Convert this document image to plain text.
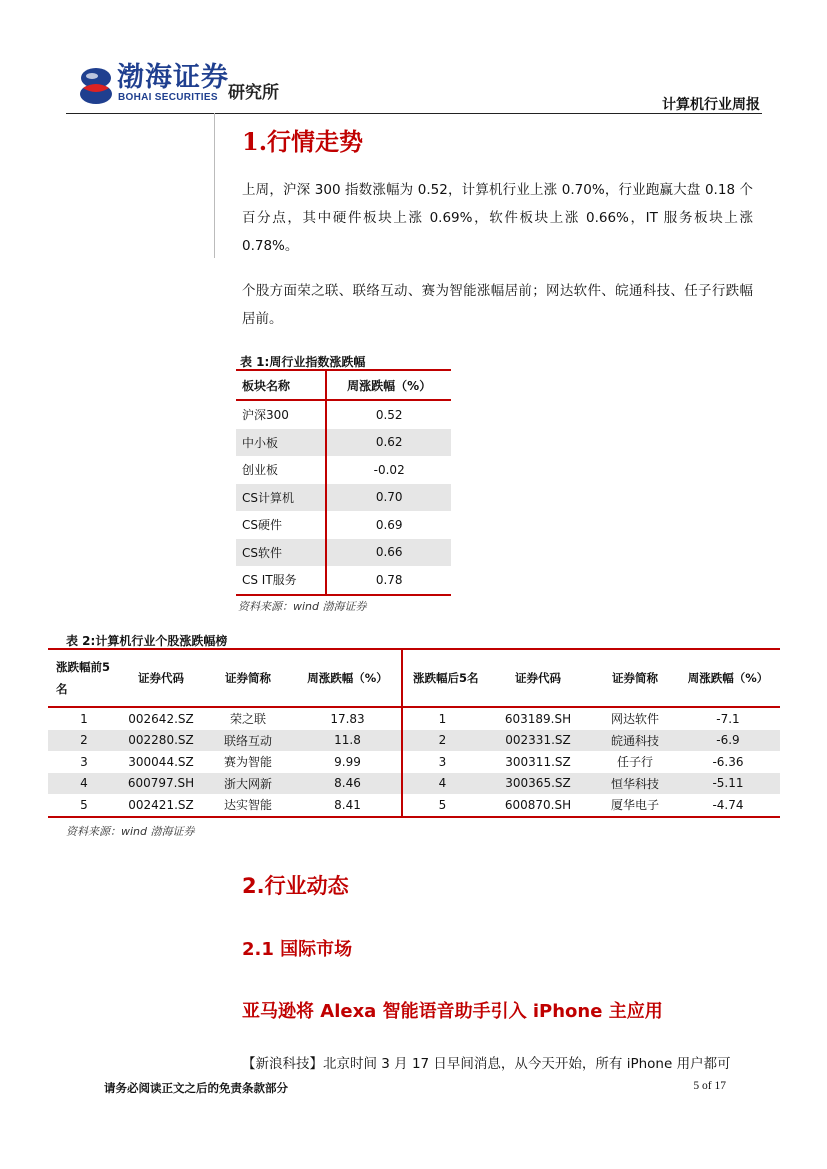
渤海证券
BOHAI SECURITIES 研究所
计算机行业周报
1.行情走势
上周，沪深 300 指数涨幅为 0.52，计算机行业上涨 0.70%，行业跑赢大盘 0.18 个百分点，其中硬件板块上涨 0.69%，软件板块上涨 0.66%，IT 服务板块上涨 0.78%。
个股方面荣之联、联络互动、赛为智能涨幅居前；网达软件、皖通科技、任子行跌幅居前。
表 1:周行业指数涨跌幅
板块名称	周涨跌幅（%）
沪深300	0.52
中小板	0.62
创业板	-0.02
CS计算机	0.70
CS硬件	0.69
CS软件	0.66
CS IT服务	0.78
资料来源：wind 渤海证券
表 2:计算机行业个股涨跌幅榜
涨跌幅前5名	证券代码	证券简称	周涨跌幅（%）	涨跌幅后5名	证券代码	证券简称	周涨跌幅（%）
1	002642.SZ	荣之联	17.83	1	603189.SH	网达软件	-7.1
2	002280.SZ	联络互动	11.8	2	002331.SZ	皖通科技	-6.9
3	300044.SZ	赛为智能	9.99	3	300311.SZ	任子行	-6.36
4	600797.SH	浙大网新	8.46	4	300365.SZ	恒华科技	-5.11
5	002421.SZ	达实智能	8.41	5	600870.SH	厦华电子	-4.74
资料来源：wind 渤海证券
2.行业动态
2.1 国际市场
亚马逊将 Alexa 智能语音助手引入 iPhone 主应用
【新浪科技】北京时间 3 月 17 日早间消息，从今天开始，所有 iPhone 用户都可
请务必阅读正文之后的免责条款部分	5 of 17
